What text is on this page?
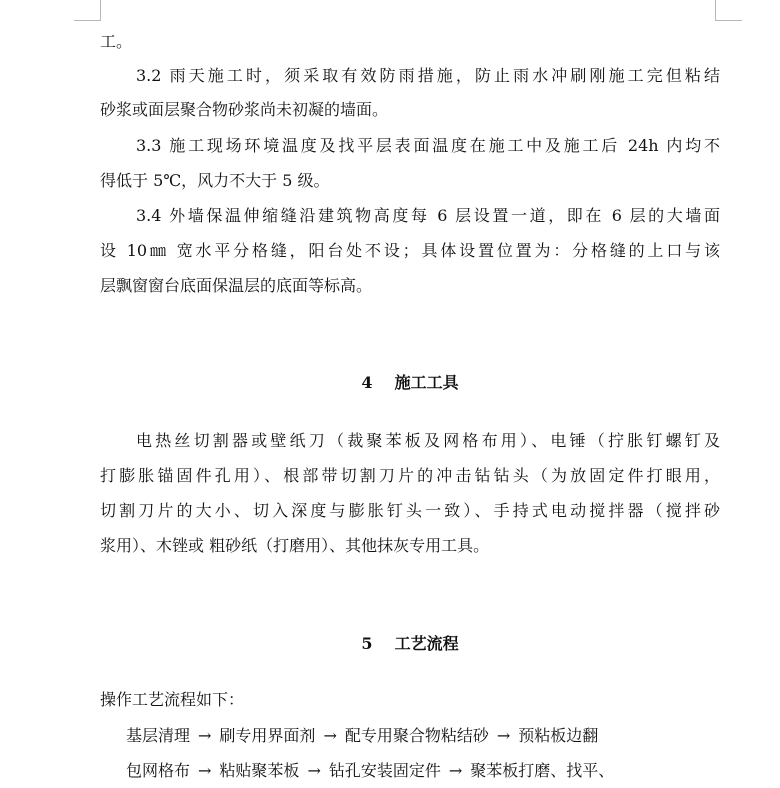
工。
3.2 雨天施工时，须采取有效防雨措施，防止雨水冲刷刚施工完但粘结
砂浆或面层聚合物砂浆尚未初凝的墙面。
3.3 施工现场环境温度及找平层表面温度在施工中及施工后 24h 内均不
得低于 5℃，风力不大于 5 级。
3.4 外墙保温伸缩缝沿建筑物高度每 6 层设置一道，即在 6 层的大墙面
设 10㎜ 宽水平分格缝，阳台处不设；具体设置位置为：分格缝的上口与该
层飘窗窗台底面保温层的底面等标高。
4 施工工具
电热丝切割器或壁纸刀（裁聚苯板及网格布用）、电锤（拧胀钉螺钉及
打膨胀锚固件孔用）、根部带切割刀片的冲击钻钻头（为放固定件打眼用，
切割刀片的大小、切入深度与膨胀钉头一致）、手持式电动搅拌器（搅拌砂
浆用）、木锉或 粗砂纸（打磨用）、其他抹灰专用工具。
5 工艺流程
操作工艺流程如下：
基层清理 → 刷专用界面剂 → 配专用聚合物粘结砂 → 预粘板边翻
包网格布 → 粘贴聚苯板 → 钻孔安装固定件 → 聚苯板打磨、找平、
